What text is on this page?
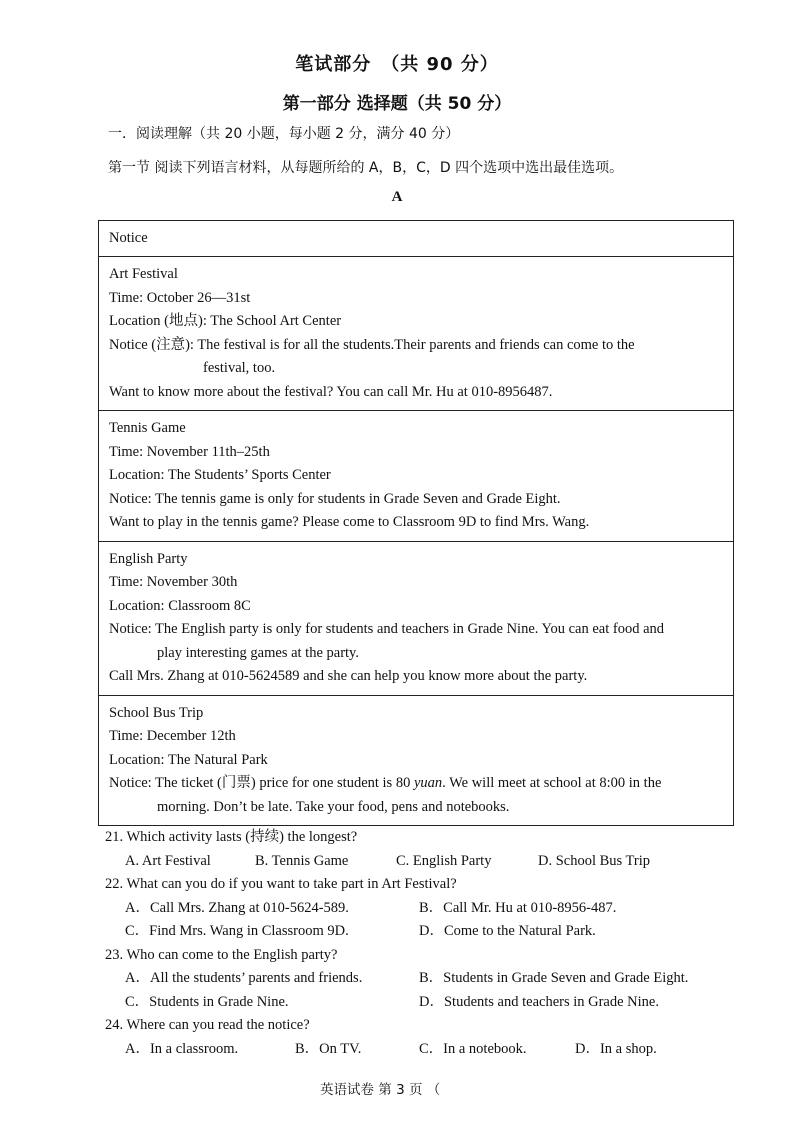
笔试部分　（共 90 分）
第一部分 选择题（共 50 分）
一．阅读理解（共 20 小题，每小题 2 分，满分 40 分）
第一节 阅读下列语言材料，从每题所给的 A，B，C，D 四个选项中选出最佳选项。
A
Notice
Art Festival
Time: October 26—31st
Location (地点): The School Art Center
Notice (注意): The festival is for all the students.Their parents and friends can come to the
festival, too.
Want to know more about the festival? You can call Mr. Hu at 010-8956487.
Tennis Game
Time: November 11th–25th
Location: The Students’ Sports Center
Notice: The tennis game is only for students in Grade Seven and Grade Eight.
Want to play in the tennis game? Please come to Classroom 9D to find Mrs. Wang.
English Party
Time: November 30th
Location: Classroom 8C
Notice: The English party is only for students and teachers in Grade Nine. You can eat food and
play interesting games at the party.
Call Mrs. Zhang at 010-5624589 and she can help you know more about the party.
School Bus Trip
Time: December 12th
Location: The Natural Park
Notice: The ticket (门票) price for one student is 80 yuan. We will meet at school at 8:00 in the
morning. Don’t be late. Take your food, pens and notebooks.
21. Which activity lasts (持续) the longest?
A. Art Festival	B. Tennis Game	C. English Party	D. School Bus Trip
22. What can you do if you want to take part in Art Festival?
A．Call Mrs. Zhang at 010-5624-589.	B．Call Mr. Hu at 010-8956-487.
C．Find Mrs. Wang in Classroom 9D.	D．Come to the Natural Park.
23. Who can come to the English party?
A．All the students’ parents and friends.	B．Students in Grade Seven and Grade Eight.
C．Students in Grade Nine.	D．Students and teachers in Grade Nine.
24. Where can you read the notice?
A．In a classroom.	B．On TV.	C．In a notebook.	D．In a shop.
英语试卷 第 3 页 （
